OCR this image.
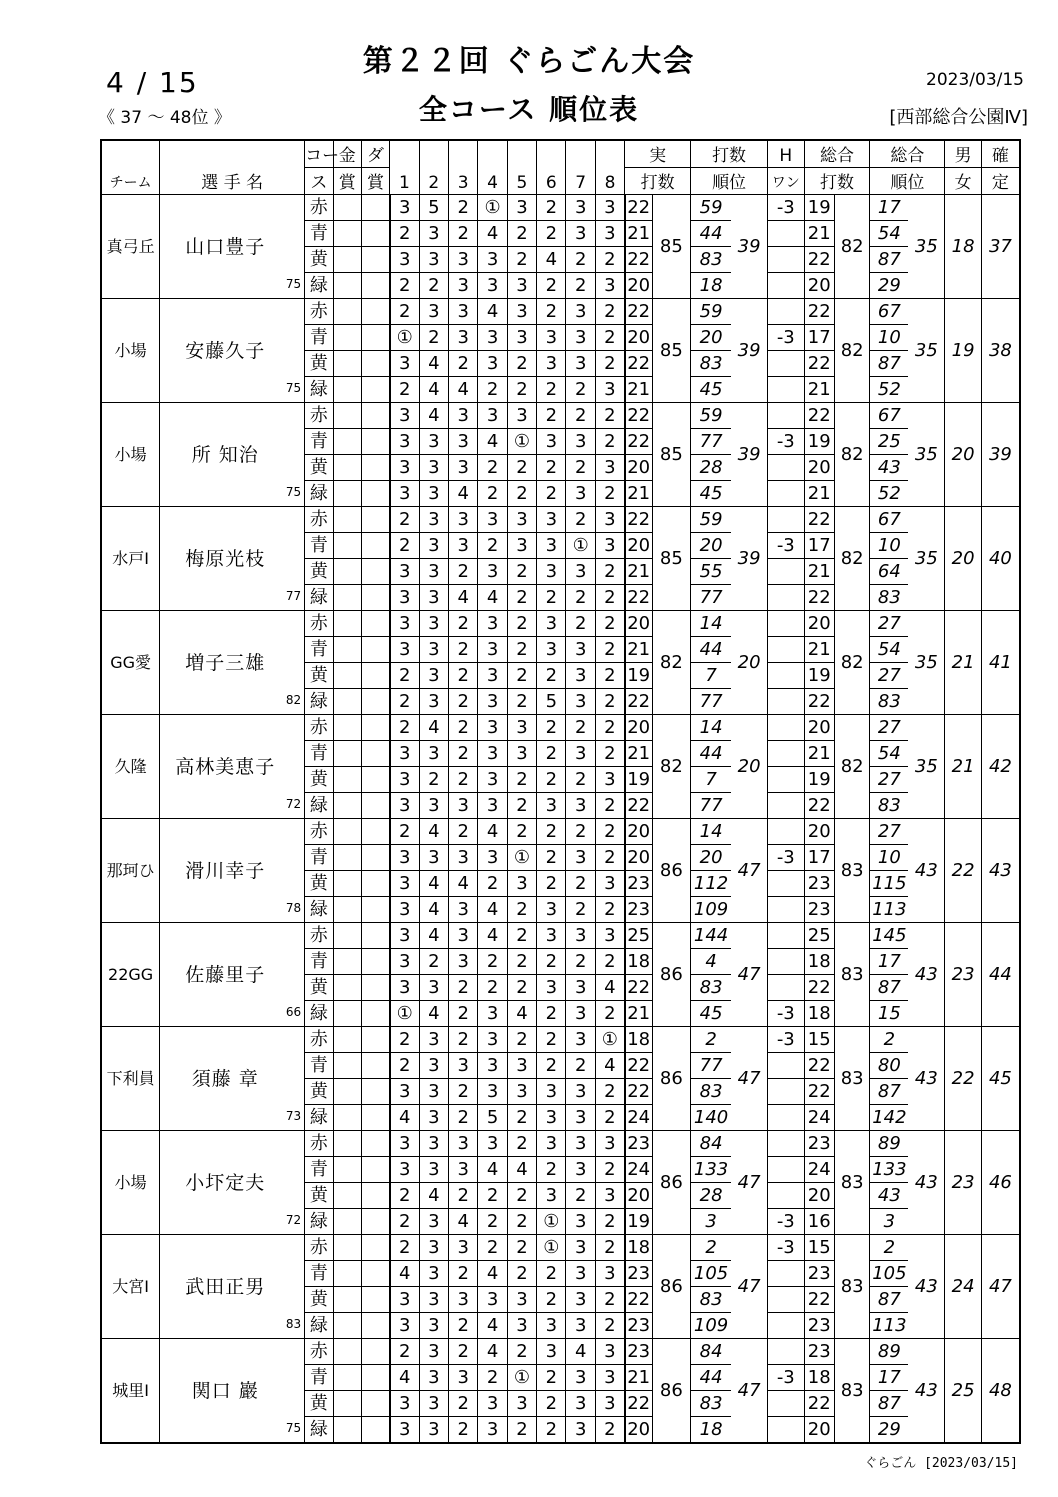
第２２回 ぐらごん大会
全コース 順位表
4 / 15
《 37 ～ 48位 》
2023/03/15
[西部総合公園Ⅳ]
チーム	選 手 名	コー	金	ダ	1	2	3	4	5	6	7	8	実		打数		H	総合		総合		男	確
		ス	賞	賞									打数		順位		ワン	打数		順位		女	定
真弓丘	山口豊子
75	赤			3	5	2	①	3	2	3	3	22	85	59	39	-3	19	82	17	35	18	37
		青			2	3	2	4	2	2	3	3	21		44			21		54			
		黄			3	3	3	3	2	4	2	2	22		83			22		87			
		緑			2	2	3	3	3	2	2	3	20		18			20		29			
小場	安藤久子
75	赤			2	3	3	4	3	2	3	2	22	85	59	39		22	82	67	35	19	38
		青			①	2	3	3	3	3	3	2	20		20		-3	17		10			
		黄			3	4	2	3	2	3	3	2	22		83			22		87			
		緑			2	4	4	2	2	2	2	3	21		45			21		52			
小場	所 知治
75	赤			3	4	3	3	3	2	2	2	22	85	59	39		22	82	67	35	20	39
		青			3	3	3	4	①	3	3	2	22		77		-3	19		25			
		黄			3	3	3	2	2	2	2	3	20		28			20		43			
		緑			3	3	4	2	2	2	3	2	21		45			21		52			
水戸Ⅰ	梅原光枝
77	赤			2	3	3	3	3	3	2	3	22	85	59	39		22	82	67	35	20	40
		青			2	3	3	2	3	3	①	3	20		20		-3	17		10			
		黄			3	3	2	3	2	3	3	2	21		55			21		64			
		緑			3	3	4	4	2	2	2	2	22		77			22		83			
GG愛	増子三雄
82	赤			3	3	2	3	2	3	2	2	20	82	14	20		20	82	27	35	21	41
		青			3	3	2	3	2	3	3	2	21		44			21		54			
		黄			2	3	2	3	2	2	3	2	19		7			19		27			
		緑			2	3	2	3	2	5	3	2	22		77			22		83			
久隆	高林美恵子
72	赤			2	4	2	3	3	2	2	2	20	82	14	20		20	82	27	35	21	42
		青			3	3	2	3	3	2	3	2	21		44			21		54			
		黄			3	2	2	3	2	2	2	3	19		7			19		27			
		緑			3	3	3	3	2	3	3	2	22		77			22		83			
那珂ひ	滑川幸子
78	赤			2	4	2	4	2	2	2	2	20	86	14	47		20	83	27	43	22	43
		青			3	3	3	3	①	2	3	2	20		20		-3	17		10			
		黄			3	4	4	2	3	2	2	3	23		112			23		115			
		緑			3	4	3	4	2	3	2	2	23		109			23		113			
22GG	佐藤里子
66	赤			3	4	3	4	2	3	3	3	25	86	144	47		25	83	145	43	23	44
		青			3	2	3	2	2	2	2	2	18		4			18		17			
		黄			3	3	2	2	2	3	3	4	22		83			22		87			
		緑			①	4	2	3	4	2	3	2	21		45		-3	18		15			
下利員	須藤 章
73	赤			2	3	2	3	2	2	3	①	18	86	2	47	-3	15	83	2	43	22	45
		青			2	3	3	3	3	2	2	4	22		77			22		80			
		黄			3	3	2	3	3	3	3	2	22		83			22		87			
		緑			4	3	2	5	2	3	3	2	24		140			24		142			
小場	小圷定夫
72	赤			3	3	3	3	2	3	3	3	23	86	84	47		23	83	89	43	23	46
		青			3	3	3	4	4	2	3	2	24		133			24		133			
		黄			2	4	2	2	2	3	2	3	20		28			20		43			
		緑			2	3	4	2	2	①	3	2	19		3		-3	16		3			
大宮Ⅰ	武田正男
83	赤			2	3	3	2	2	①	3	2	18	86	2	47	-3	15	83	2	43	24	47
		青			4	3	2	4	2	2	3	3	23		105			23		105			
		黄			3	3	3	3	3	2	3	2	22		83			22		87			
		緑			3	3	2	4	3	3	3	2	23		109			23		113			
城里Ⅰ	関口 巖
75	赤			2	3	2	4	2	3	4	3	23	86	84	47		23	83	89	43	25	48
		青			4	3	3	2	①	2	3	3	21		44		-3	18		17			
		黄			3	3	2	3	3	2	3	3	22		83			22		87			
		緑			3	3	2	3	2	2	3	2	20		18			20		29			
ぐらごん [2023/03/15]
